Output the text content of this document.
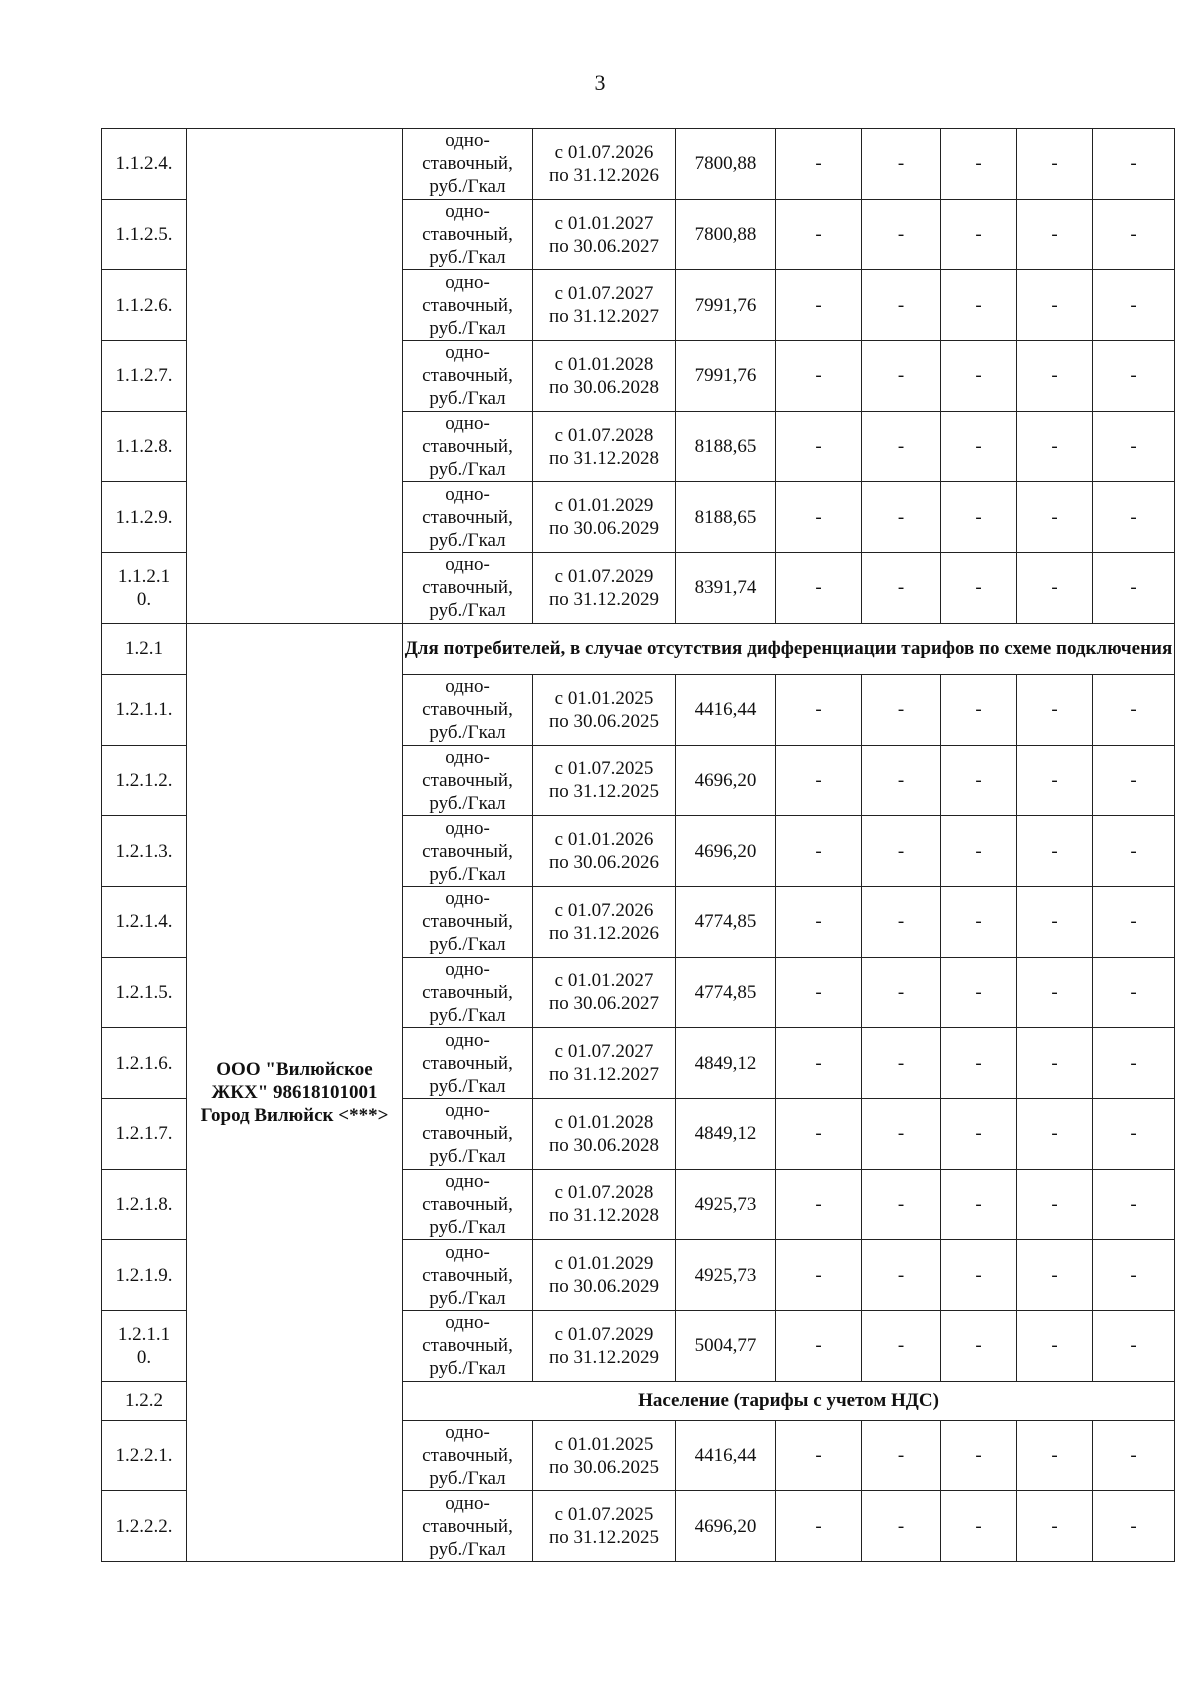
3
1.1.2.4.		одно-
ставочный,
руб./Гкал	с 01.07.2026
по 31.12.2026	7800,88	-	-	-	-	-
1.1.2.5.		одно-
ставочный,
руб./Гкал	с 01.01.2027
по 30.06.2027	7800,88	-	-	-	-	-
1.1.2.6.		одно-
ставочный,
руб./Гкал	с 01.07.2027
по 31.12.2027	7991,76	-	-	-	-	-
1.1.2.7.		одно-
ставочный,
руб./Гкал	с 01.01.2028
по 30.06.2028	7991,76	-	-	-	-	-
1.1.2.8.		одно-
ставочный,
руб./Гкал	с 01.07.2028
по 31.12.2028	8188,65	-	-	-	-	-
1.1.2.9.		одно-
ставочный,
руб./Гкал	с 01.01.2029
по 30.06.2029	8188,65	-	-	-	-	-
1.1.2.1
0.		одно-
ставочный,
руб./Гкал	с 01.07.2029
по 31.12.2029	8391,74	-	-	-	-	-
1.2.1	ООО "Вилюйское ЖКХ" 98618101001 Город Вилюйск <***>	Для потребителей, в случае отсутствия дифференциации тарифов по схеме подключения							
1.2.1.1.		одно-
ставочный,
руб./Гкал	с 01.01.2025
по 30.06.2025	4416,44	-	-	-	-	-
1.2.1.2.		одно-
ставочный,
руб./Гкал	с 01.07.2025
по 31.12.2025	4696,20	-	-	-	-	-
1.2.1.3.		одно-
ставочный,
руб./Гкал	с 01.01.2026
по 30.06.2026	4696,20	-	-	-	-	-
1.2.1.4.		одно-
ставочный,
руб./Гкал	с 01.07.2026
по 31.12.2026	4774,85	-	-	-	-	-
1.2.1.5.		одно-
ставочный,
руб./Гкал	с 01.01.2027
по 30.06.2027	4774,85	-	-	-	-	-
1.2.1.6.		одно-
ставочный,
руб./Гкал	с 01.07.2027
по 31.12.2027	4849,12	-	-	-	-	-
1.2.1.7.		одно-
ставочный,
руб./Гкал	с 01.01.2028
по 30.06.2028	4849,12	-	-	-	-	-
1.2.1.8.		одно-
ставочный,
руб./Гкал	с 01.07.2028
по 31.12.2028	4925,73	-	-	-	-	-
1.2.1.9.		одно-
ставочный,
руб./Гкал	с 01.01.2029
по 30.06.2029	4925,73	-	-	-	-	-
1.2.1.1
0.		одно-
ставочный,
руб./Гкал	с 01.07.2029
по 31.12.2029	5004,77	-	-	-	-	-
1.2.2		Население (тарифы с учетом НДС)							
1.2.2.1.		одно-
ставочный,
руб./Гкал	с 01.01.2025
по 30.06.2025	4416,44	-	-	-	-	-
1.2.2.2.		одно-
ставочный,
руб./Гкал	с 01.07.2025
по 31.12.2025	4696,20	-	-	-	-	-
